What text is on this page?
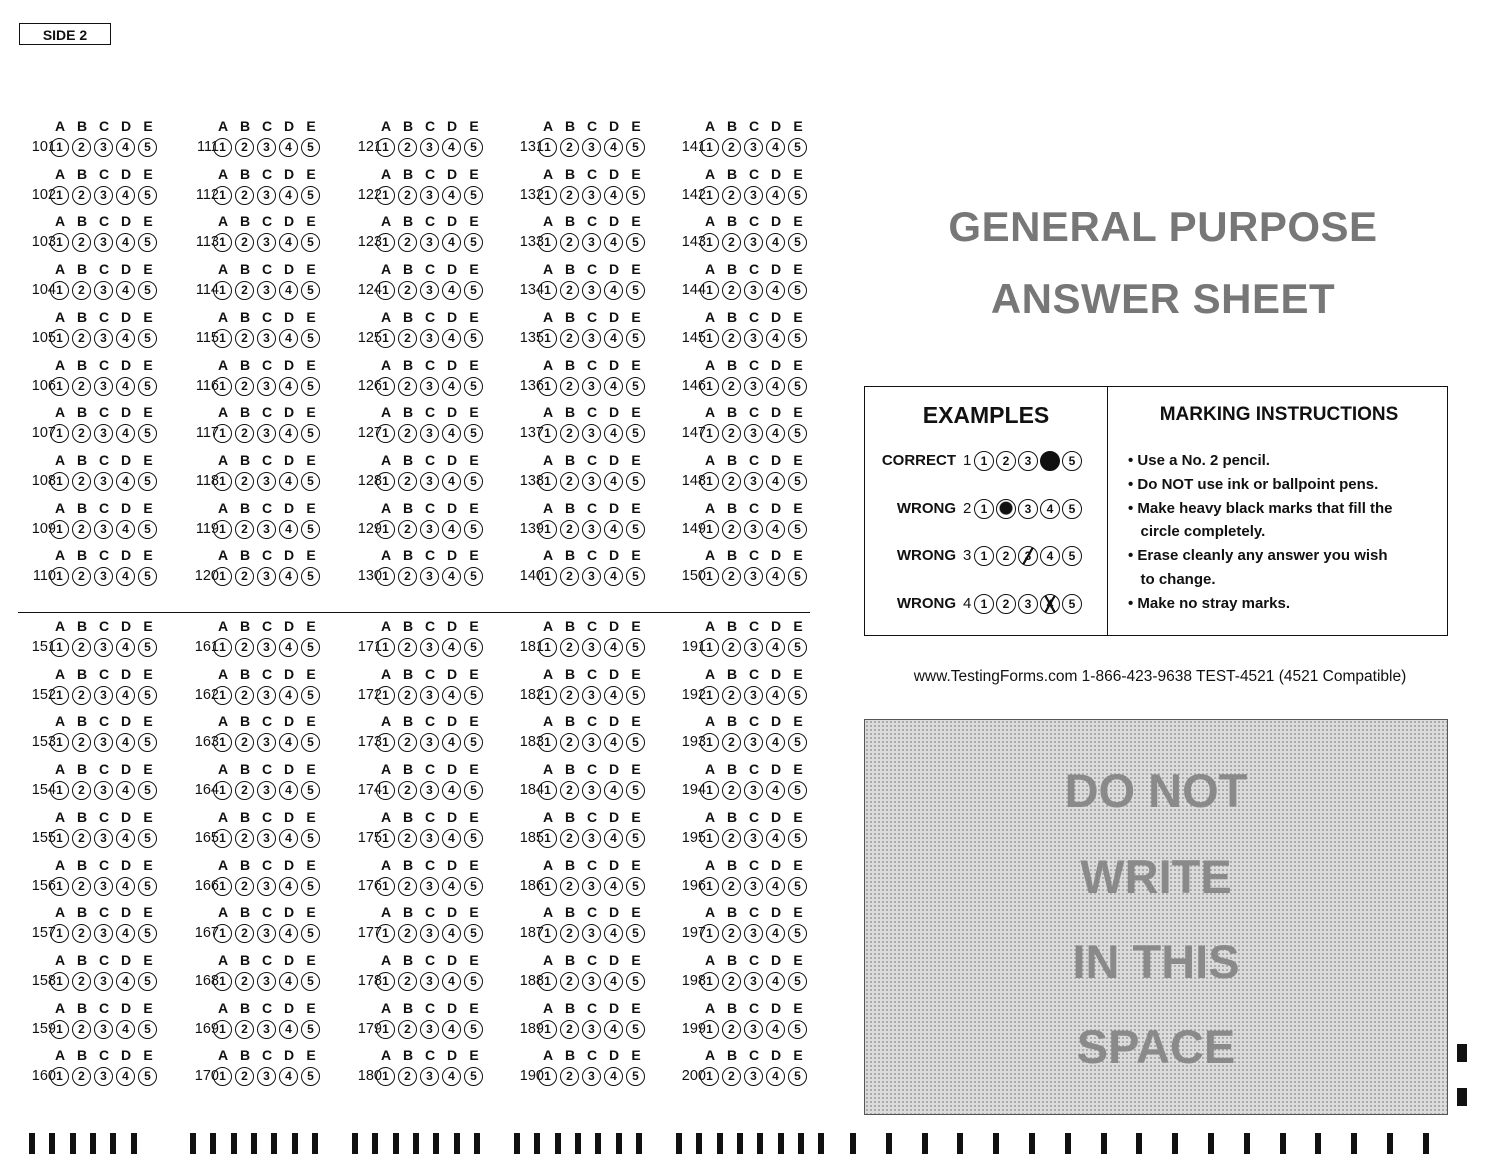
SIDE 2
A B C D E
101 1	2	3	4	5
A B C D E
102 1	2	3	4	5
A B C D E
103 1	2	3	4	5
A B C D E
104 1	2	3	4	5
A B C D E
105 1	2	3	4	5
A B C D E
106 1	2	3	4	5
A B C D E
107 1	2	3	4	5
A B C D E
108 1	2	3	4	5
A B C D E
109 1	2	3	4	5
A B C D E
110 1	2	3	4	5
A B C D E
111 1	2	3	4	5
A B C D E
112 1	2	3	4	5
A B C D E
113 1	2	3	4	5
A B C D E
114 1	2	3	4	5
A B C D E
115 1	2	3	4	5
A B C D E
116 1	2	3	4	5
A B C D E
117 1	2	3	4	5
A B C D E
118 1	2	3	4	5
A B C D E
119 1	2	3	4	5
A B C D E
120 1	2	3	4	5
A B C D E
121 1	2	3	4	5
A B C D E
122 1	2	3	4	5
A B C D E
123 1	2	3	4	5
A B C D E
124 1	2	3	4	5
A B C D E
125 1	2	3	4	5
A B C D E
126 1	2	3	4	5
A B C D E
127 1	2	3	4	5
A B C D E
128 1	2	3	4	5
A B C D E
129 1	2	3	4	5
A B C D E
130 1	2	3	4	5
A B C D E
131 1	2	3	4	5
A B C D E
132 1	2	3	4	5
A B C D E
133 1	2	3	4	5
A B C D E
134 1	2	3	4	5
A B C D E
135 1	2	3	4	5
A B C D E
136 1	2	3	4	5
A B C D E
137 1	2	3	4	5
A B C D E
138 1	2	3	4	5
A B C D E
139 1	2	3	4	5
A B C D E
140 1	2	3	4	5
A B C D E
141 1	2	3	4	5
A B C D E
142 1	2	3	4	5
A B C D E
143 1	2	3	4	5
A B C D E
144 1	2	3	4	5
A B C D E
145 1	2	3	4	5
A B C D E
146 1	2	3	4	5
A B C D E
147 1	2	3	4	5
A B C D E
148 1	2	3	4	5
A B C D E
149 1	2	3	4	5
A B C D E
150 1	2	3	4	5
A B C D E
151 1	2	3	4	5
A B C D E
152 1	2	3	4	5
A B C D E
153 1	2	3	4	5
A B C D E
154 1	2	3	4	5
A B C D E
155 1	2	3	4	5
A B C D E
156 1	2	3	4	5
A B C D E
157 1	2	3	4	5
A B C D E
158 1	2	3	4	5
A B C D E
159 1	2	3	4	5
A B C D E
160 1	2	3	4	5
A B C D E
161 1	2	3	4	5
A B C D E
162 1	2	3	4	5
A B C D E
163 1	2	3	4	5
A B C D E
164 1	2	3	4	5
A B C D E
165 1	2	3	4	5
A B C D E
166 1	2	3	4	5
A B C D E
167 1	2	3	4	5
A B C D E
168 1	2	3	4	5
A B C D E
169 1	2	3	4	5
A B C D E
170 1	2	3	4	5
A B C D E
171 1	2	3	4	5
A B C D E
172 1	2	3	4	5
A B C D E
173 1	2	3	4	5
A B C D E
174 1	2	3	4	5
A B C D E
175 1	2	3	4	5
A B C D E
176 1	2	3	4	5
A B C D E
177 1	2	3	4	5
A B C D E
178 1	2	3	4	5
A B C D E
179 1	2	3	4	5
A B C D E
180 1	2	3	4	5
A B C D E
181 1	2	3	4	5
A B C D E
182 1	2	3	4	5
A B C D E
183 1	2	3	4	5
A B C D E
184 1	2	3	4	5
A B C D E
185 1	2	3	4	5
A B C D E
186 1	2	3	4	5
A B C D E
187 1	2	3	4	5
A B C D E
188 1	2	3	4	5
A B C D E
189 1	2	3	4	5
A B C D E
190 1	2	3	4	5
A B C D E
191 1	2	3	4	5
A B C D E
192 1	2	3	4	5
A B C D E
193 1	2	3	4	5
A B C D E
194 1	2	3	4	5
A B C D E
195 1	2	3	4	5
A B C D E
196 1	2	3	4	5
A B C D E
197 1	2	3	4	5
A B C D E
198 1	2	3	4	5
A B C D E
199 1	2	3	4	5
A B C D E
200 1	2	3	4	5
GENERAL PURPOSE
ANSWER SHEET
EXAMPLES	MARKING INSTRUCTIONS
CORRECT 1 1	2	3	4	5
WRONG 2 1	2	3	4	5
WRONG 3 1	2	3	4	5
WRONG 4 1	2	3	4	5
• Use a No. 2 pencil.
• Do NOT use ink or ballpoint pens.
• Make heavy black marks that fill the
circle completely.
• Erase cleanly any answer you wish
to change.
• Make no stray marks.
www.TestingForms.com 1-866-423-9638 TEST-4521 (4521 Compatible)
DO NOT
WRITE
IN THIS
SPACE
